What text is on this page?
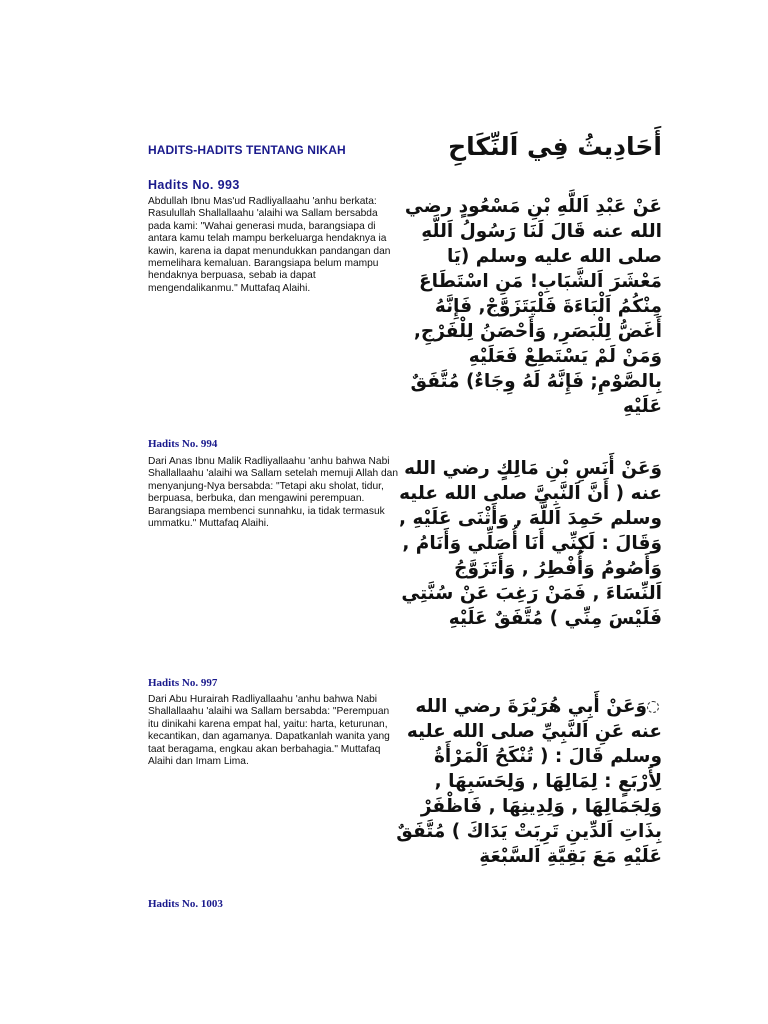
HADITS-HADITS TENTANG NIKAH	أَحَادِيثُ فِي اَلنِّكَاحِ
Hadits No. 993
Abdullah Ibnu Mas'ud Radliyallaahu 'anhu berkata: Rasulullah Shallallaahu 'alaihi wa Sallam bersabda pada kami: "Wahai generasi muda, barangsiapa di antara kamu telah mampu berkeluarga hendaknya ia kawin, karena ia dapat menundukkan pandangan dan memelihara kemaluan. Barangsiapa belum mampu hendaknya berpuasa, sebab ia dapat mengendalikanmu." Muttafaq Alaihi.
عَنْ عَبْدِ اَللَّهِ بْنِ مَسْعُودٍ رضي الله عنه قَالَ لَنَا رَسُولُ اَللَّهِ صلى الله عليه وسلم (يَا مَعْشَرَ اَلشَّبَابِ! مَنِ اسْتَطَاعَ مِنْكُمُ اَلْبَاءَةَ فَلْيَتَزَوَّجْ, فَإِنَّهُ أَغَضُّ لِلْبَصَرِ, وَأَحْصَنُ لِلْفَرْجِ, وَمَنْ لَمْ يَسْتَطِعْ فَعَلَيْهِ بِالصَّوْمِ; فَإِنَّهُ لَهُ وِجَاءٌ) مُتَّفَقٌ عَلَيْهِ
Hadits No. 994
Dari Anas Ibnu Malik Radliyallaahu 'anhu bahwa Nabi Shallallaahu 'alaihi wa Sallam setelah memuji Allah dan menyanjung-Nya bersabda: "Tetapi aku sholat, tidur, berpuasa, berbuka, dan mengawini perempuan. Barangsiapa membenci sunnahku, ia tidak termasuk ummatku." Muttafaq Alaihi.
وَعَنْ أَنَسِ بْنِ مَالِكٍ رضي الله عنه ( أَنَّ اَلنَّبِيَّ صلى الله عليه وسلم حَمِدَ اَللَّهَ , وَأَثْنَى عَلَيْهِ , وَقَالَ : لَكِنِّي أَنَا أُصَلِّي وَأَنَامُ , وَأَصُومُ وَأُفْطِرُ , وَأَتَزَوَّجُ اَلنِّسَاءَ , فَمَنْ رَغِبَ عَنْ سُنَّتِي فَلَيْسَ مِنِّي ) مُتَّفَقٌ عَلَيْهِ
Hadits No. 997
Dari Abu Hurairah Radliyallaahu 'anhu bahwa Nabi Shallallaahu 'alaihi wa Sallam bersabda: "Perempuan itu dinikahi karena empat hal, yaitu: harta, keturunan, kecantikan, dan agamanya. Dapatkanlah wanita yang taat beragama, engkau akan berbahagia." Muttafaq Alaihi dan Imam Lima.
وَعَنْ أَبِي هُرَيْرَةَ رضي الله عنه عَنِ اَلنَّبِيِّ صلى الله عليه وسلم قَالَ : ( تُنْكَحُ اَلْمَرْأَةُ لِأَرْبَعٍ : لِمَالِهَا , وَلِحَسَبِهَا , وَلِجَمَالِهَا , وَلِدِينِهَا , فَاظْفَرْ بِذَاتِ اَلدِّينِ تَرِبَتْ يَدَاكَ ) مُتَّفَقٌ عَلَيْهِ مَعَ بَقِيَّةِ اَلسَّبْعَةِ
Hadits No. 1003
